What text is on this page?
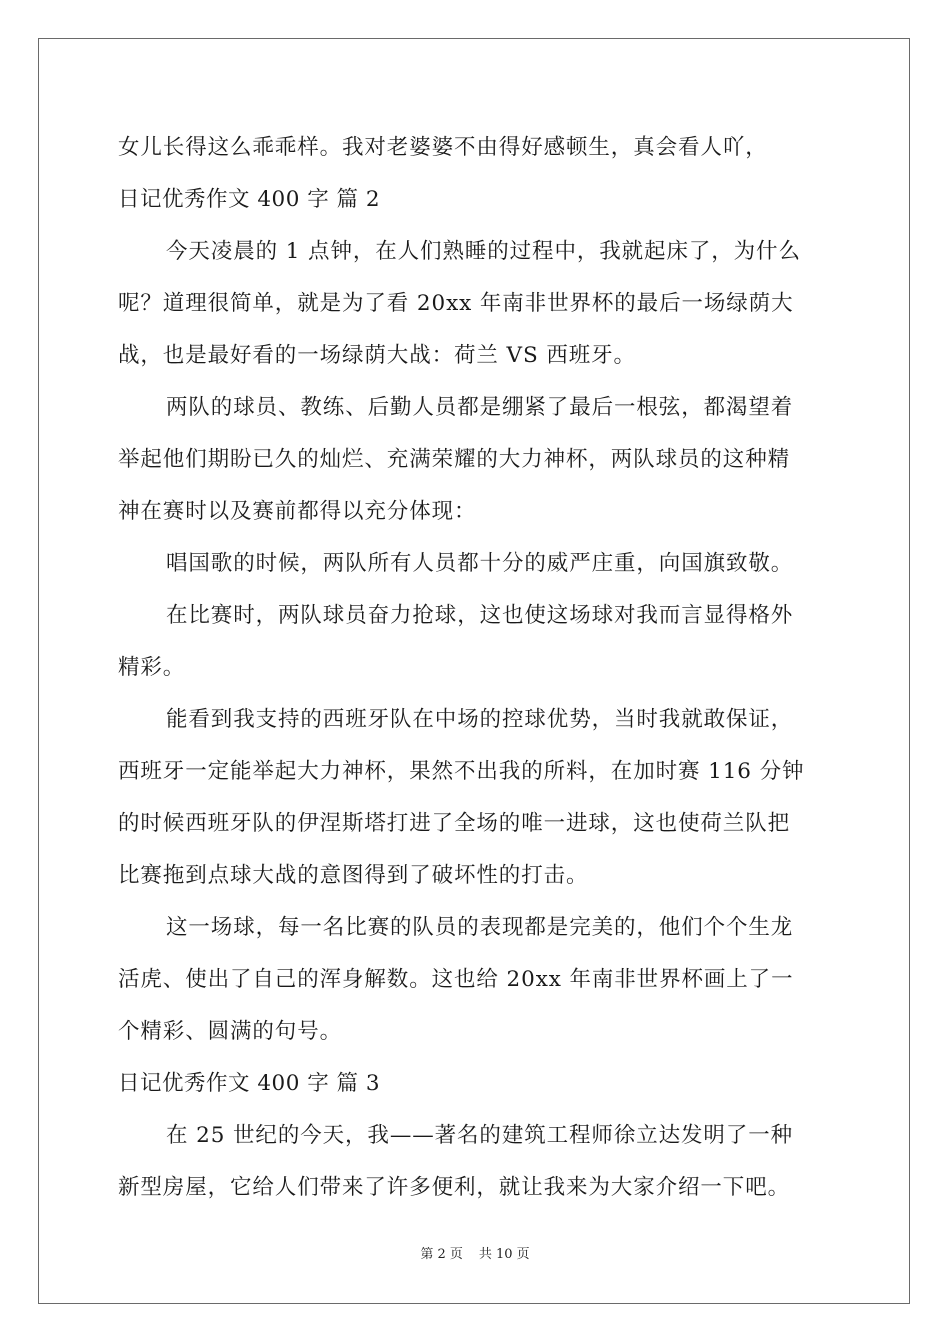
女儿长得这么乖乖样。我对老婆婆不由得好感顿生，真会看人吖，
日记优秀作文 400 字 篇 2
今天凌晨的 1 点钟，在人们熟睡的过程中，我就起床了，为什么
呢？道理很简单，就是为了看 20xx 年南非世界杯的最后一场绿荫大
战，也是最好看的一场绿荫大战：荷兰 VS 西班牙。
两队的球员、教练、后勤人员都是绷紧了最后一根弦，都渴望着
举起他们期盼已久的灿烂、充满荣耀的大力神杯，两队球员的这种精
神在赛时以及赛前都得以充分体现：
唱国歌的时候，两队所有人员都十分的威严庄重，向国旗致敬。
在比赛时，两队球员奋力抢球，这也使这场球对我而言显得格外
精彩。
能看到我支持的西班牙队在中场的控球优势，当时我就敢保证，
西班牙一定能举起大力神杯，果然不出我的所料，在加时赛 116 分钟
的时候西班牙队的伊涅斯塔打进了全场的唯一进球，这也使荷兰队把
比赛拖到点球大战的意图得到了破坏性的打击。
这一场球，每一名比赛的队员的表现都是完美的，他们个个生龙
活虎、使出了自己的浑身解数。这也给 20xx 年南非世界杯画上了一
个精彩、圆满的句号。
日记优秀作文 400 字 篇 3
在 25 世纪的今天，我——著名的建筑工程师徐立达发明了一种
新型房屋，它给人们带来了许多便利，就让我来为大家介绍一下吧。
第 2 页 共 10 页
